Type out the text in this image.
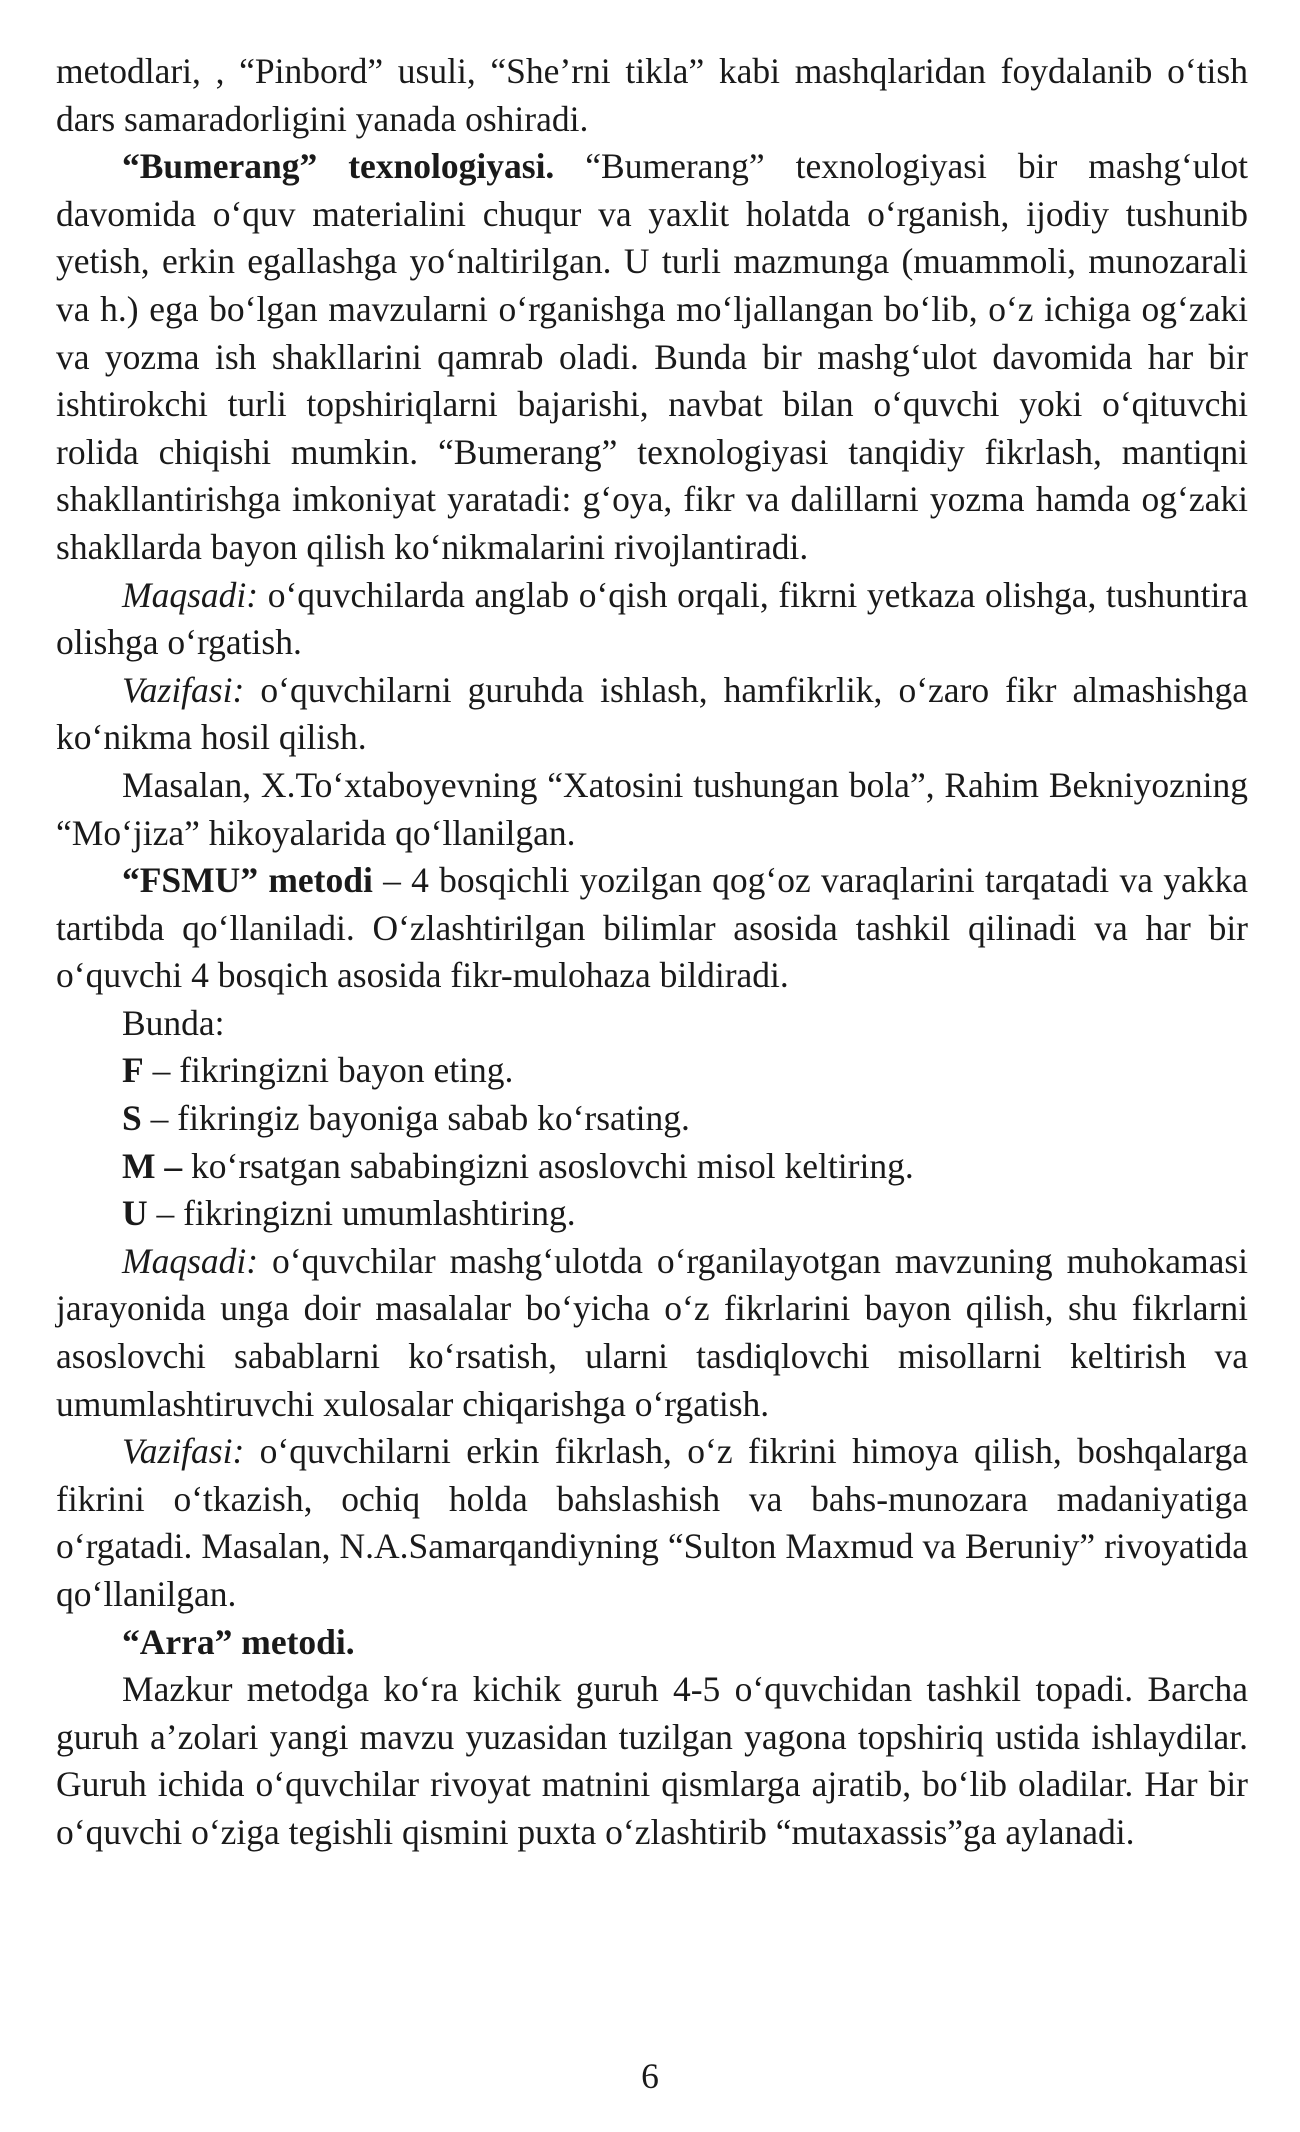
metodlari, , “Pinbord” usuli, “She’rni tikla” kabi mashqlaridan foydalanib o‘tish dars samaradorligini yanada oshiradi.

“Bumerang” texnologiyasi. “Bumerang” texnologiyasi bir mashg‘ulot davomida o‘quv materialini chuqur va yaxlit holatda o‘rganish, ijodiy tushunib yetish, erkin egallashga yo‘naltirilgan. U turli mazmunga (muammoli, munozarali va h.) ega bo‘lgan mavzularni o‘rganishga mo‘ljallangan bo‘lib, o‘z ichiga og‘zaki va yozma ish shakllarini qamrab oladi. Bunda bir mashg‘ulot davomida har bir ishtirokchi turli topshiriqlarni bajarishi, navbat bilan o‘quvchi yoki o‘qituvchi rolida chiqishi mumkin. “Bumerang” texnologiyasi tanqidiy fikrlash, mantiqni shakllantirishga imkoniyat yaratadi: g‘oya, fikr va dalillarni yozma hamda og‘zaki shakllarda bayon qilish ko‘nikmalarini rivojlantiradi.

Maqsadi: o‘quvchilarda anglab o‘qish orqali, fikrni yetkaza olishga, tushuntira olishga o‘rgatish.

Vazifasi: o‘quvchilarni guruhda ishlash, hamfikrlik, o‘zaro fikr almashishga ko‘nikma hosil qilish.

Masalan, X.To‘xtaboyevning “Xatosini tushungan bola”, Rahim Bekniyozning “Mo‘jiza” hikoyalarida qo‘llanilgan.

“FSMU” metodi – 4 bosqichli yozilgan qog‘oz varaqlarini tarqatadi va yakka tartibda qo‘llaniladi. O‘zlashtirilgan bilimlar asosida tashkil qilinadi va har bir o‘quvchi 4 bosqich asosida fikr-mulohaza bildiradi.

Bunda:

F – fikringizni bayon eting.

S – fikringiz bayoniga sabab ko‘rsating.

M – ko‘rsatgan sababingizni asoslovchi misol keltiring.

U – fikringizni umumlashtiring.

Maqsadi: o‘quvchilar mashg‘ulotda o‘rganilayotgan mavzuning muhokamasi jarayonida unga doir masalalar bo‘yicha o‘z fikrlarini bayon qilish, shu fikrlarni asoslovchi sabablarni ko‘rsatish, ularni tasdiqlovchi misollarni keltirish va umumlashtiruvchi xulosalar chiqarishga o‘rgatish.

Vazifasi: o‘quvchilarni erkin fikrlash, o‘z fikrini himoya qilish, boshqalarga fikrini o‘tkazish, ochiq holda bahslashish va bahs-munozara madaniyatiga o‘rgatadi. Masalan, N.A.Samarqandiyning “Sulton Maxmud va Beruniy” rivoyatida qo‘llanilgan.

“Arra” metodi.

Mazkur metodga ko‘ra kichik guruh 4-5 o‘quvchidan tashkil topadi. Barcha guruh a’zolari yangi mavzu yuzasidan tuzilgan yagona topshiriq ustida ishlaydilar. Guruh ichida o‘quvchilar rivoyat matnini qismlarga ajratib, bo‘lib oladilar. Har bir o‘quvchi o‘ziga tegishli qismini puxta o‘zlashtirib “mutaxassis”ga aylanadi.

6
